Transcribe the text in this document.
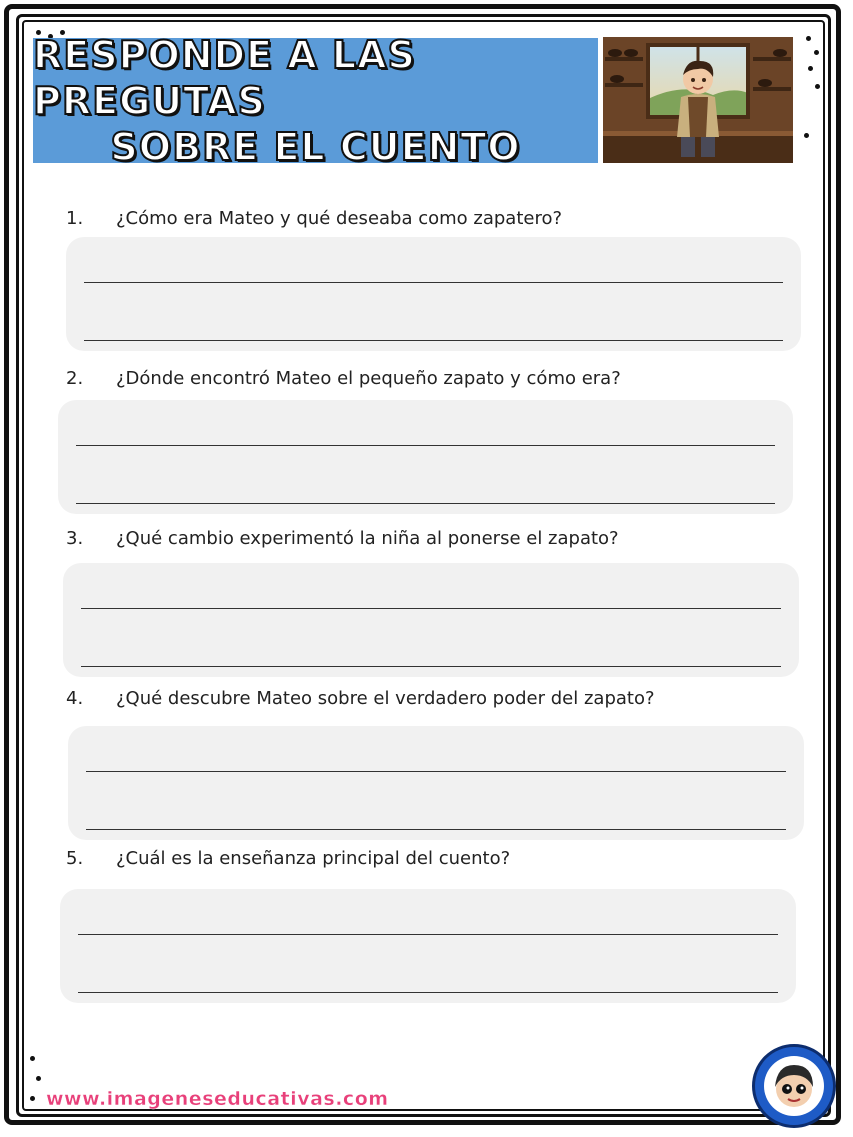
RESPONDE A LAS PREGUTAS
SOBRE EL CUENTO
1.	¿Cómo era Mateo y qué deseaba como zapatero?
2.	¿Dónde encontró Mateo el pequeño zapato y cómo era?
3.	¿Qué cambio experimentó la niña al ponerse el zapato?
4.	¿Qué descubre Mateo sobre el verdadero poder del zapato?
5.	¿Cuál es la enseñanza principal del cuento?
www.imageneseducativas.com
